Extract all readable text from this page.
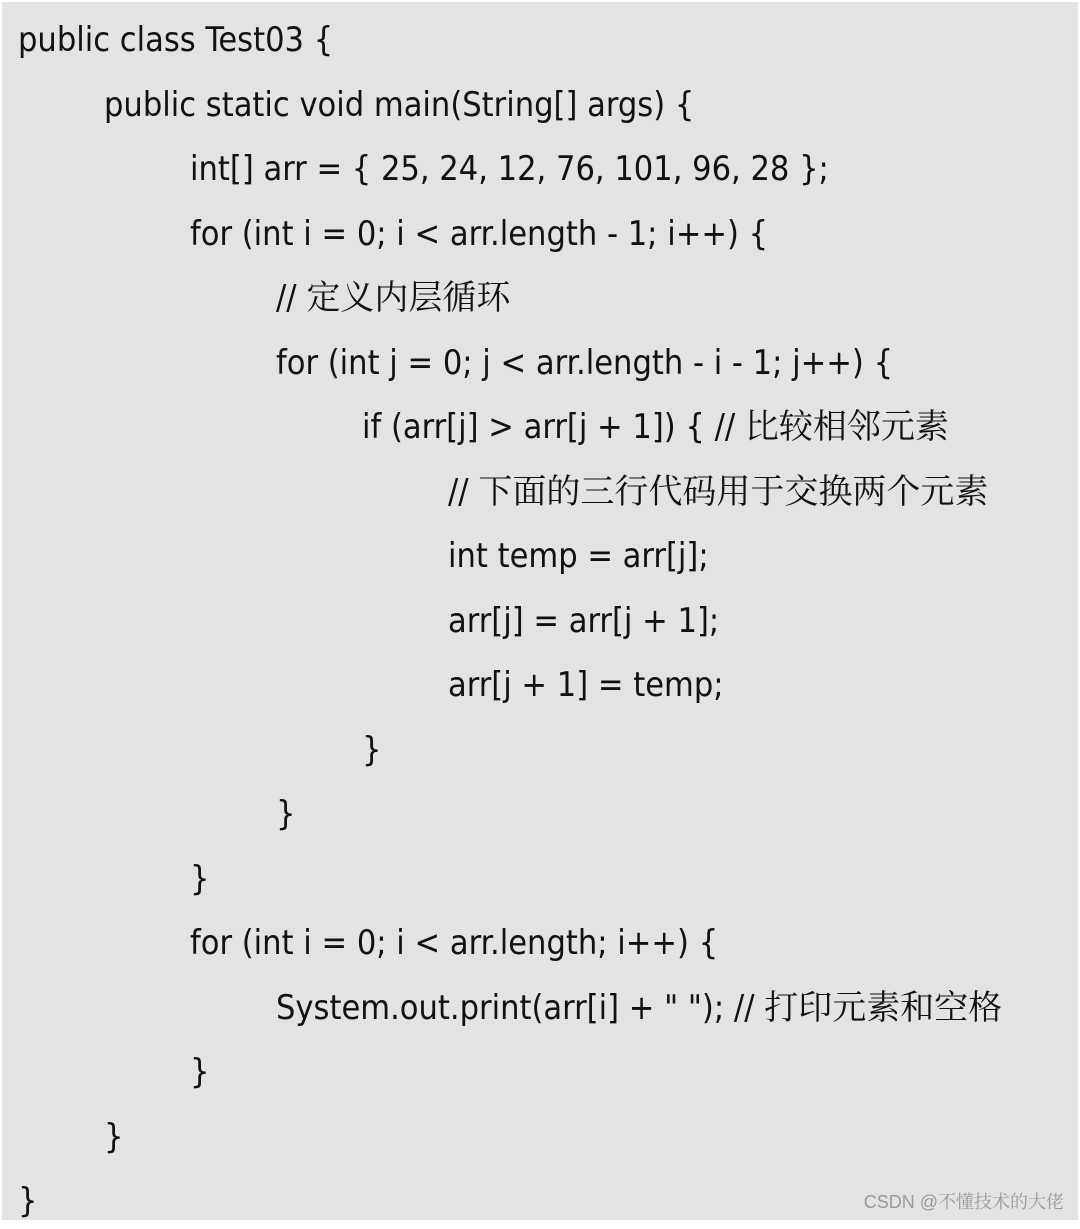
public class Test03 {
public static void main(String[] args) {
int[] arr = { 25, 24, 12, 76, 101, 96, 28 };
for (int i = 0; i < arr.length - 1; i++) {
// 定义内层循环
for (int j = 0; j < arr.length - i - 1; j++) {
if (arr[j] > arr[j + 1]) { // 比较相邻元素
// 下面的三行代码用于交换两个元素
int temp = arr[j];
arr[j] = arr[j + 1];
arr[j + 1] = temp;
}
}
}
for (int i = 0; i < arr.length; i++) {
System.out.print(arr[i] + " "); // 打印元素和空格
}
}
}	CSDN @不懂技术的大佬
